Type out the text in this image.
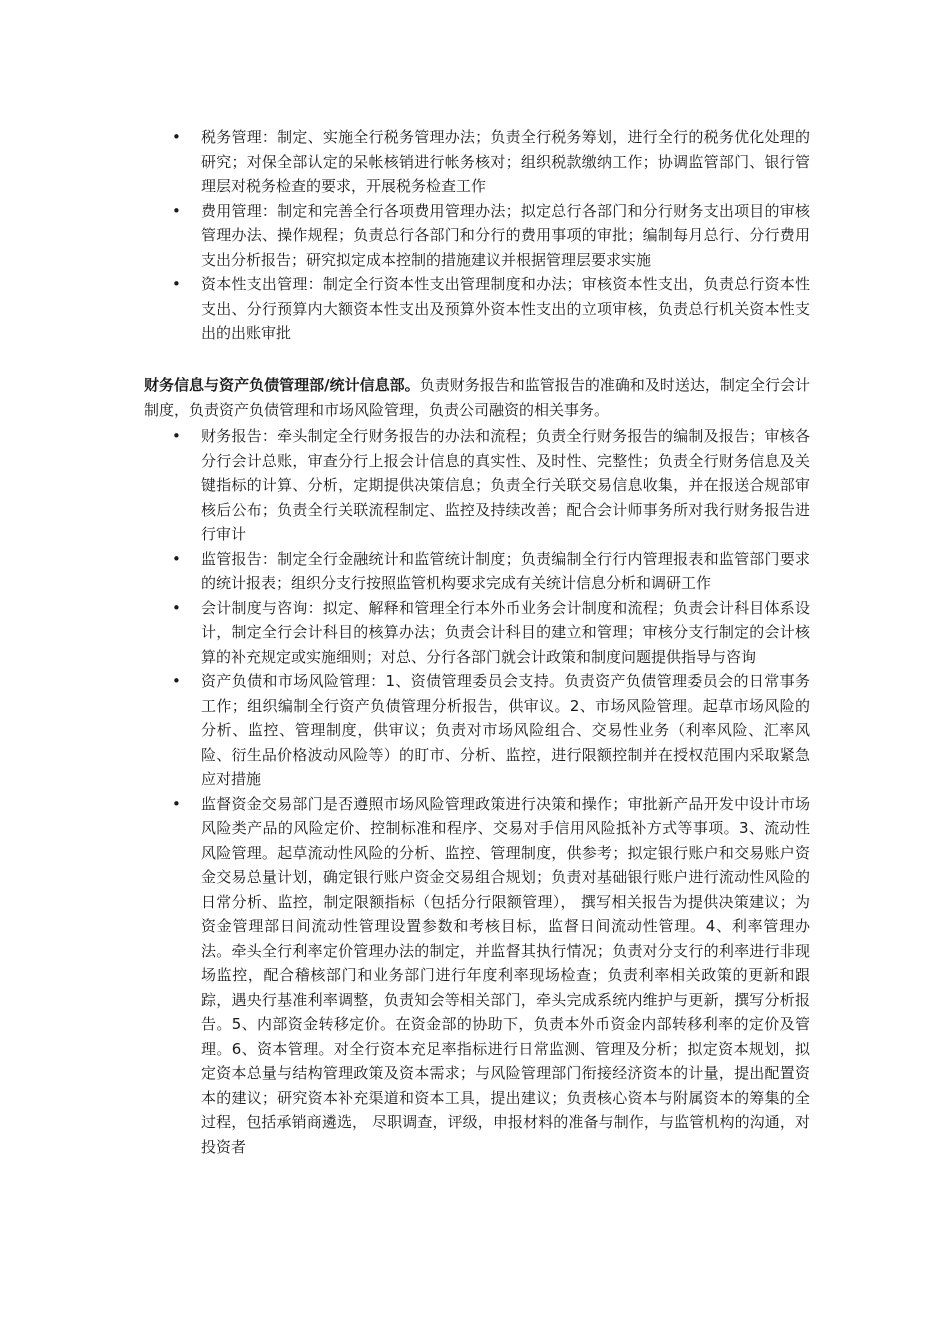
• 税务管理：制定、实施全行税务管理办法；负责全行税务筹划，进行全行的税务优化处理的研究；对保全部认定的呆帐核销进行帐务核对；组织税款缴纳工作；协调监管部门、银行管理层对税务检查的要求，开展税务检查工作
• 费用管理：制定和完善全行各项费用管理办法；拟定总行各部门和分行财务支出项目的审核管理办法、操作规程；负责总行各部门和分行的费用事项的审批；编制每月总行、分行费用支出分析报告；研究拟定成本控制的措施建议并根据管理层要求实施
• 资本性支出管理：制定全行资本性支出管理制度和办法；审核资本性支出，负责总行资本性支出、分行预算内大额资本性支出及预算外资本性支出的立项审核，负责总行机关资本性支出的出账审批

财务信息与资产负债管理部/统计信息部。负责财务报告和监管报告的准确和及时送达，制定全行会计制度，负责资产负债管理和市场风险管理，负责公司融资的相关事务。

• 财务报告：牵头制定全行财务报告的办法和流程；负责全行财务报告的编制及报告；审核各分行会计总账，审查分行上报会计信息的真实性、及时性、完整性；负责全行财务信息及关键指标的计算、分析，定期提供决策信息；负责全行关联交易信息收集，并在报送合规部审核后公布；负责全行关联流程制定、监控及持续改善；配合会计师事务所对我行财务报告进行审计
• 监管报告：制定全行金融统计和监管统计制度；负责编制全行行内管理报表和监管部门要求的统计报表；组织分支行按照监管机构要求完成有关统计信息分析和调研工作
• 会计制度与咨询：拟定、解释和管理全行本外币业务会计制度和流程；负责会计科目体系设计，制定全行会计科目的核算办法；负责会计科目的建立和管理；审核分支行制定的会计核算的补充规定或实施细则；对总、分行各部门就会计政策和制度问题提供指导与咨询
• 资产负债和市场风险管理：1、资债管理委员会支持。负责资产负债管理委员会的日常事务工作；组织编制全行资产负债管理分析报告，供审议。2、市场风险管理。起草市场风险的分析、监控、管理制度，供审议；负责对市场风险组合、交易性业务（利率风险、汇率风险、衍生品价格波动风险等）的盯市、分析、监控，进行限额控制并在授权范围内采取紧急应对措施
• 监督资金交易部门是否遵照市场风险管理政策进行决策和操作；审批新产品开发中设计市场风险类产品的风险定价、控制标准和程序、交易对手信用风险抵补方式等事项。3、流动性风险管理。起草流动性风险的分析、监控、管理制度，供参考；拟定银行账户和交易账户资金交易总量计划，确定银行账户资金交易组合规划；负责对基础银行账户进行流动性风险的日常分析、监控，制定限额指标（包括分行限额管理）， 撰写相关报告为提供决策建议；为资金管理部日间流动性管理设置参数和考核目标，监督日间流动性管理。4、利率管理办法。牵头全行利率定价管理办法的制定，并监督其执行情况；负责对分支行的利率进行非现场监控，配合稽核部门和业务部门进行年度利率现场检查；负责利率相关政策的更新和跟踪，遇央行基准利率调整，负责知会等相关部门，牵头完成系统内维护与更新，撰写分析报告。5、内部资金转移定价。在资金部的协助下，负责本外币资金内部转移利率的定价及管理。6、资本管理。对全行资本充足率指标进行日常监测、管理及分析；拟定资本规划，拟定资本总量与结构管理政策及资本需求；与风险管理部门衔接经济资本的计量，提出配置资本的建议；研究资本补充渠道和资本工具，提出建议；负责核心资本与附属资本的筹集的全过程，包括承销商遴选， 尽职调查，评级，申报材料的准备与制作，与监管机构的沟通，对投资者
